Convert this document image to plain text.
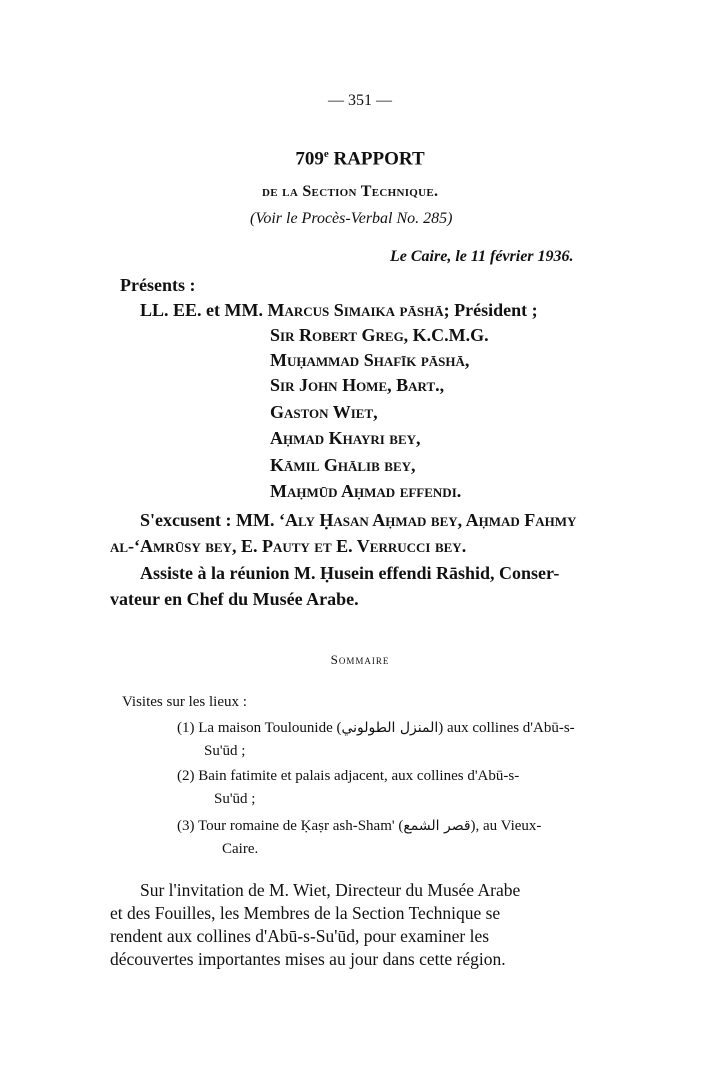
— 351 —
709e RAPPORT
de la Section Technique.
(Voir le Procès-Verbal No. 285)
Le Caire, le 11 février 1936.
Présents :
LL. EE. et MM. Marcus Simaika pāshā; Président ;
Sir Robert Greg, K.C.M.G.
Muḥammad Shafīk pāshā,
Sir John Home, Bart.,
Gaston Wiet,
Aḥmad Khayri bey,
Kāmil Ghālib bey,
Maḥmūd Aḥmad effendi.
S'excusent : MM. ʻAly Ḥasan Aḥmad bey, Aḥmad Fahmy
al-ʻAmrūsy bey, E. Pauty et E. Verrucci bey.
Assiste à la réunion M. Ḥusein effendi Rāshid, Conser-
vateur en Chef du Musée Arabe.
Sommaire
Visites sur les lieux :
(1) La maison Toulounide (المنزل الطولوني) aux collines d'Abū-s-
Su'ūd ;
(2) Bain fatimite et palais adjacent, aux collines d'Abū-s-
Su'ūd ;
(3) Tour romaine de Ḳaṣr ash-Sham' (قصر الشمع), au Vieux-
Caire.
Sur l'invitation de M. Wiet, Directeur du Musée Arabe
et des Fouilles, les Membres de la Section Technique se
rendent aux collines d'Abū-s-Su'ūd, pour examiner les
découvertes importantes mises au jour dans cette région.
